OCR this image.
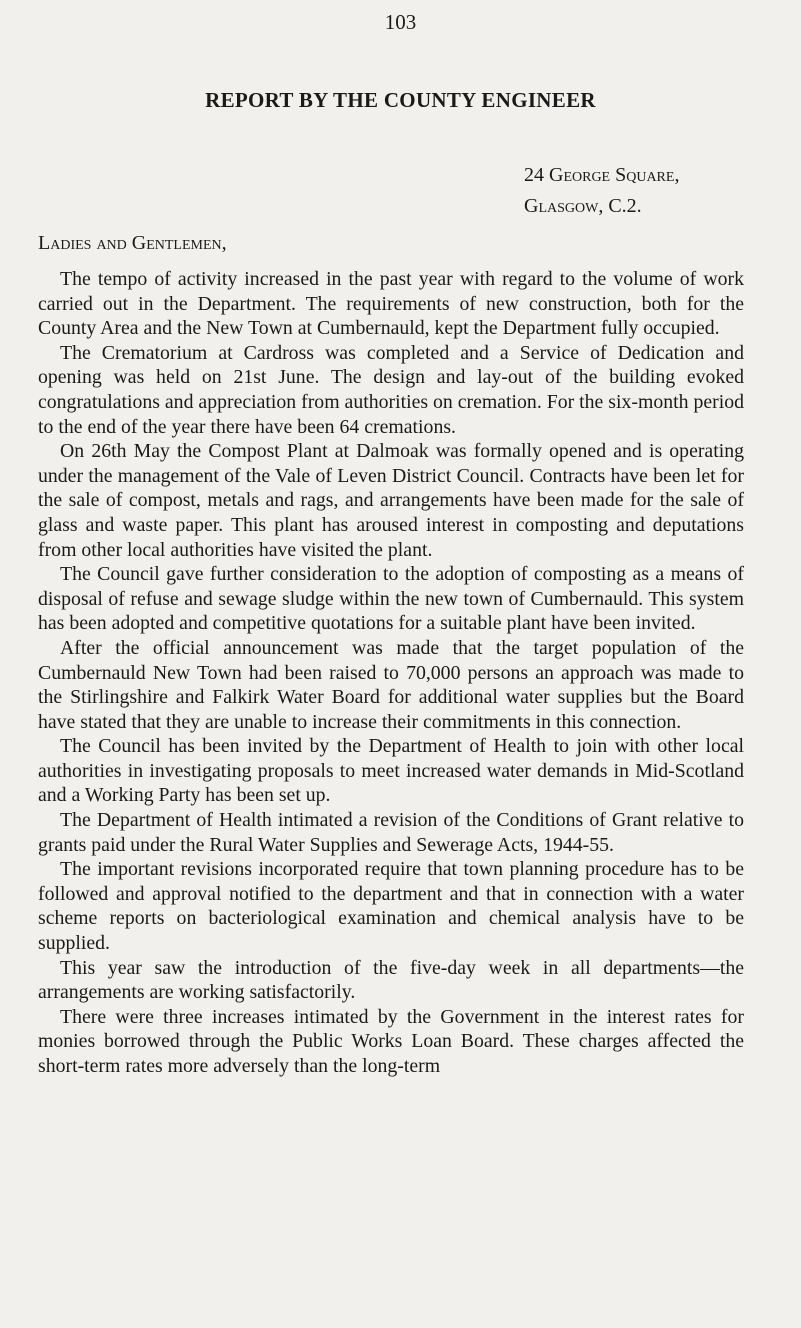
103
REPORT BY THE COUNTY ENGINEER
24 George Square,
Glasgow, C.2.
Ladies and Gentlemen,

The tempo of activity increased in the past year with regard to the volume of work carried out in the Department. The requirements of new construction, both for the County Area and the New Town at Cumbernauld, kept the Department fully occupied.

The Crematorium at Cardross was completed and a Service of Dedication and opening was held on 21st June. The design and lay-out of the building evoked congratulations and appreciation from authorities on cremation. For the six-month period to the end of the year there have been 64 cremations.

On 26th May the Compost Plant at Dalmoak was formally opened and is operating under the management of the Vale of Leven District Council. Contracts have been let for the sale of compost, metals and rags, and arrangements have been made for the sale of glass and waste paper. This plant has aroused interest in composting and deputations from other local authorities have visited the plant.

The Council gave further consideration to the adoption of composting as a means of disposal of refuse and sewage sludge within the new town of Cumbernauld. This system has been adopted and competitive quotations for a suitable plant have been invited.

After the official announcement was made that the target population of the Cumbernauld New Town had been raised to 70,000 persons an approach was made to the Stirlingshire and Falkirk Water Board for additional water supplies but the Board have stated that they are unable to increase their commitments in this connection.

The Council has been invited by the Department of Health to join with other local authorities in investigating proposals to meet increased water demands in Mid-Scotland and a Working Party has been set up.

The Department of Health intimated a revision of the Conditions of Grant relative to grants paid under the Rural Water Supplies and Sewerage Acts, 1944-55.

The important revisions incorporated require that town planning procedure has to be followed and approval notified to the department and that in connection with a water scheme reports on bacteriological examination and chemical analysis have to be supplied.

This year saw the introduction of the five-day week in all departments—the arrangements are working satisfactorily.

There were three increases intimated by the Government in the interest rates for monies borrowed through the Public Works Loan Board. These charges affected the short-term rates more adversely than the long-term
